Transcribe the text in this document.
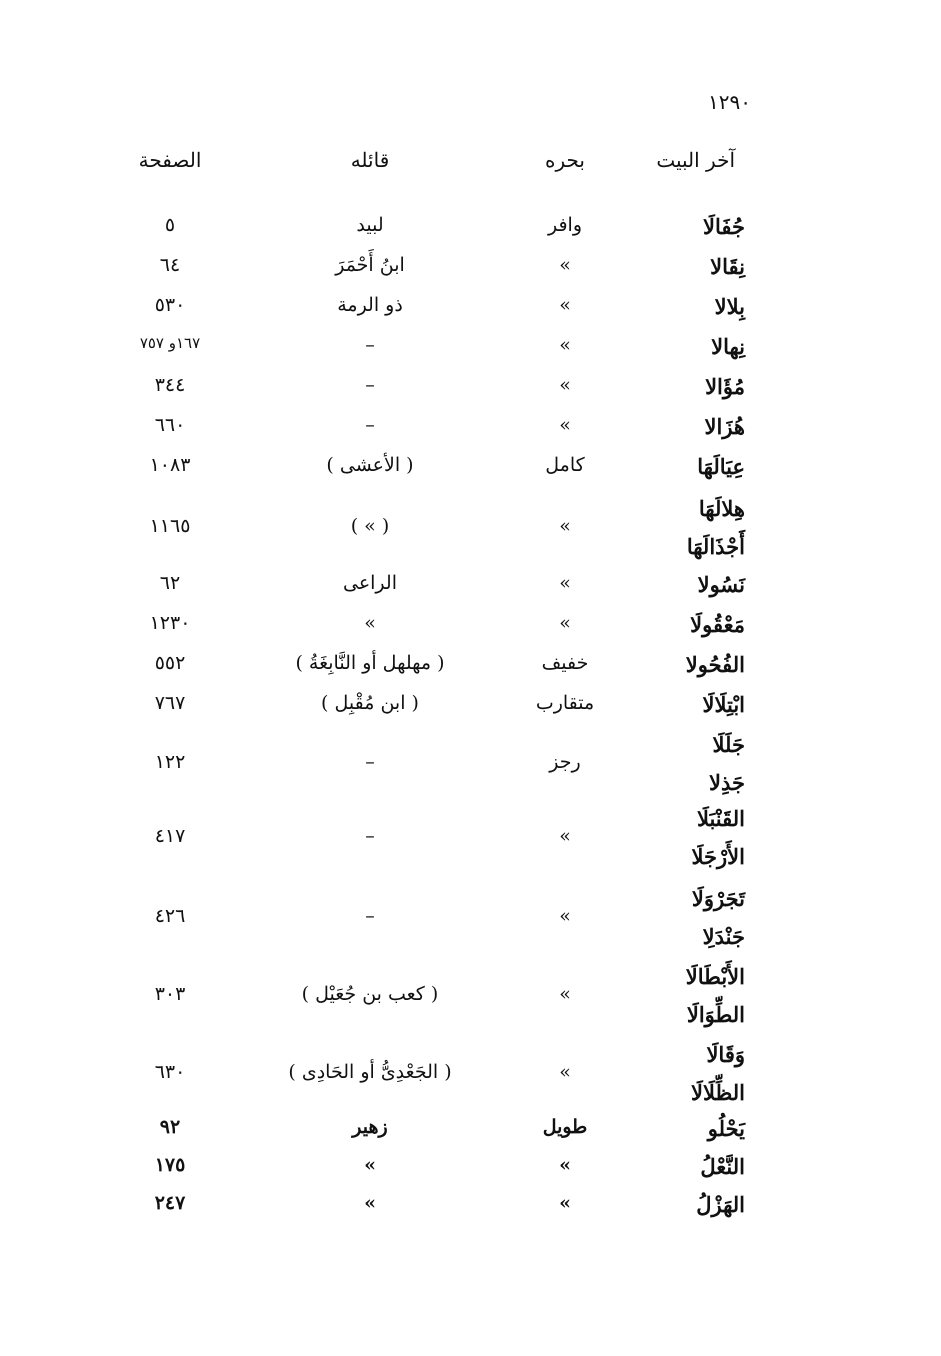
١٢٩٠
آخر البيت
بحره
قائله
الصفحة
جُفَالَا
وافر
لبيد
٥
نِقَالا
»
ابنُ أَحْمَرَ
٦٤
بِلالا
»
ذو الرمة
٥٣٠
نِهالا
»
–
١٦٧و ٧٥٧
مُؤَالا
»
–
٣٤٤
هُزَالا
»
–
٦٦٠
عِيَالَهَا
كامل
( الأعشى )
١٠٨٣
هِلالَهَا
أَجْذَالَهَا
»
( » )
١١٦٥
نَسُولا
»
الراعى
٦٢
مَعْقُولَا
»
»
١٢٣٠
الفُحُولا
خفيف
( مهلهل أو النَّابِغَةُ )
٥٥٢
ابْتِلَالَا
متقارب
( ابن مُقْبِل )
٧٦٧
جَلَلَا
جَذِلا
رجز
–
١٢٢
القَنْبَلَا
الأَرْجَلَا
»
–
٤١٧
تَجَرْوَلَا
جَنْدَلِا
»
–
٤٢٦
الأَبْطَالَا
الطِّوَالَا
»
( كعب بن جُعَيْل )
٣٠٣
وَقَالَا
الظِّلَالَا
»
( الجَعْدِىُّ أو الحَادِى )
٦٣٠
يَحْلُو
طويل
زهير
٩٢
النَّعْلُ
»
»
١٧٥
الهَزْلُ
»
»
٢٤٧
